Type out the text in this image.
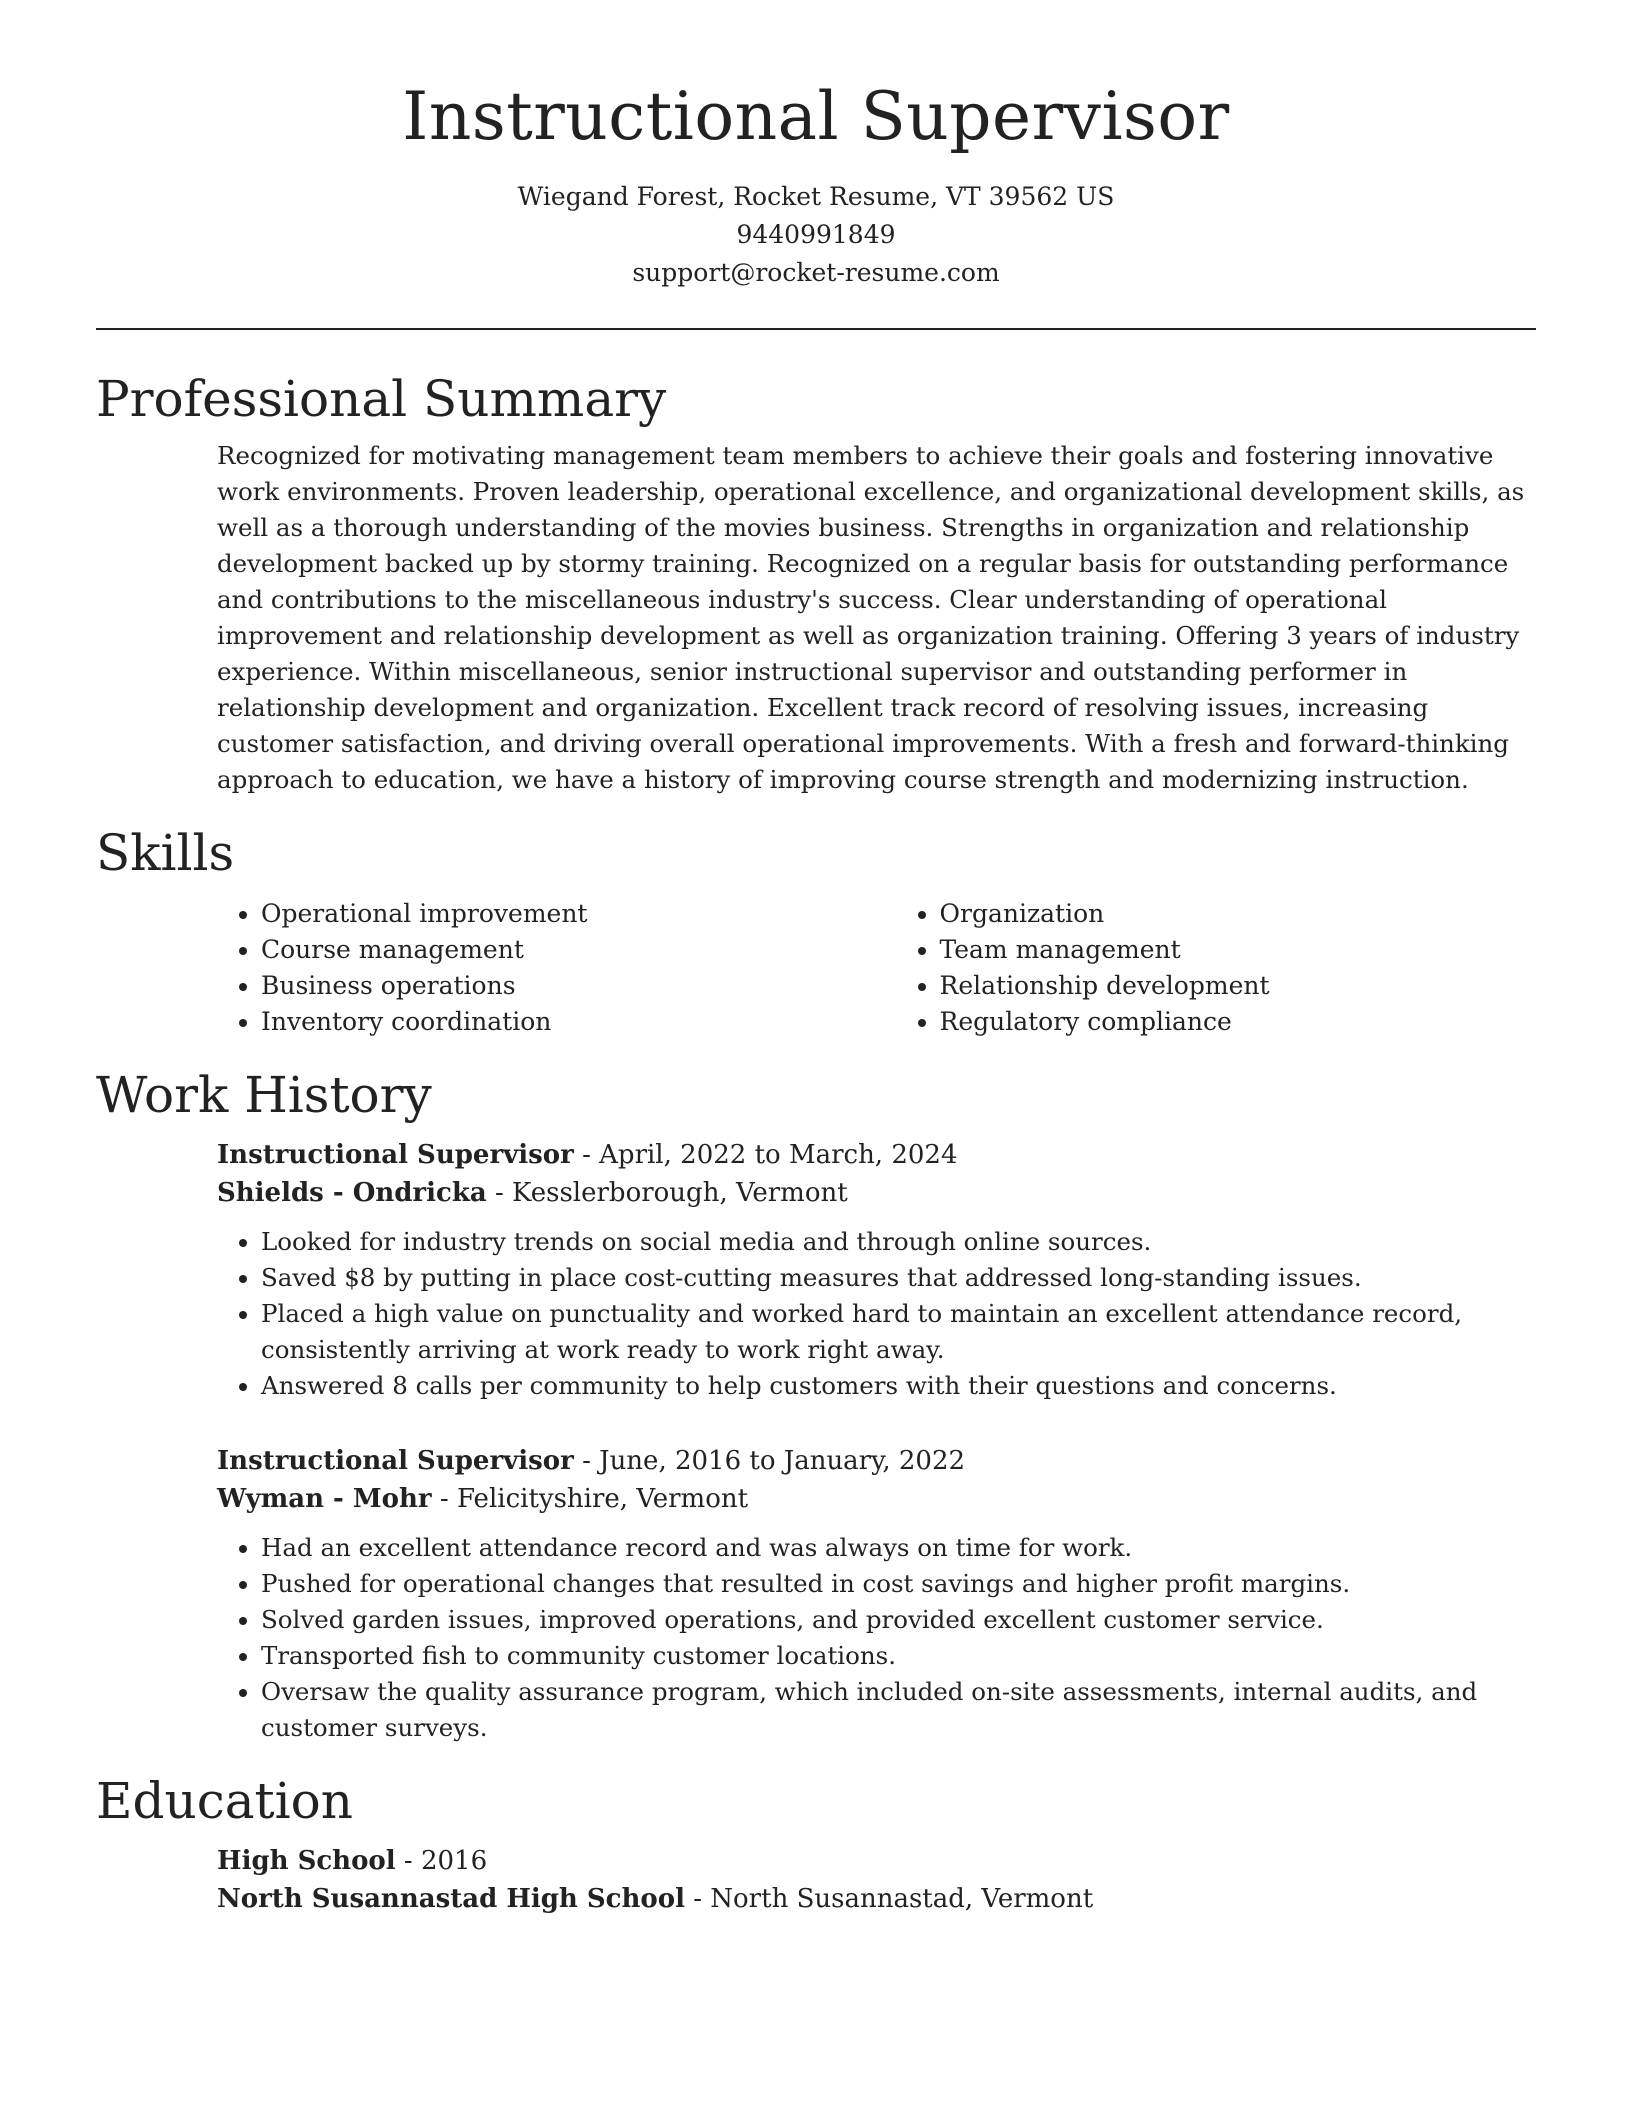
Instructional Supervisor
Wiegand Forest, Rocket Resume, VT 39562 US
9440991849
support@rocket-resume.com
Professional Summary

Recognized for motivating management team members to achieve their goals and fostering innovative work environments. Proven leadership, operational excellence, and organizational development skills, as well as a thorough understanding of the movies business. Strengths in organization and relationship development backed up by stormy training. Recognized on a regular basis for outstanding performance and contributions to the miscellaneous industry's success. Clear understanding of operational improvement and relationship development as well as organization training. Offering 3 years of industry experience. Within miscellaneous, senior instructional supervisor and outstanding performer in relationship development and organization. Excellent track record of resolving issues, increasing customer satisfaction, and driving overall operational improvements. With a fresh and forward-thinking approach to education, we have a history of improving course strength and modernizing instruction.

Skills
• Operational improvement
• Course management
• Business operations
• Inventory coordination
• Organization
• Team management
• Relationship development
• Regulatory compliance
Work History
Instructional Supervisor - April, 2022 to March, 2024
Shields - Ondricka - Kesslerborough, Vermont
• Looked for industry trends on social media and through online sources.
• Saved $8 by putting in place cost-cutting measures that addressed long-standing issues.
• Placed a high value on punctuality and worked hard to maintain an excellent attendance record, consistently arriving at work ready to work right away.
• Answered 8 calls per community to help customers with their questions and concerns.
Instructional Supervisor - June, 2016 to January, 2022
Wyman - Mohr - Felicityshire, Vermont
• Had an excellent attendance record and was always on time for work.
• Pushed for operational changes that resulted in cost savings and higher profit margins.
• Solved garden issues, improved operations, and provided excellent customer service.
• Transported fish to community customer locations.
• Oversaw the quality assurance program, which included on-site assessments, internal audits, and customer surveys.
Education
High School - 2016
North Susannastad High School - North Susannastad, Vermont
